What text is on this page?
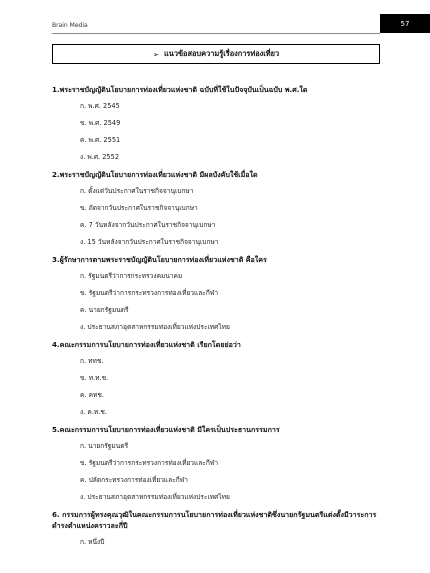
Brain Media	57
➢ แนวข้อสอบความรู้เรื่องการท่องเที่ยว
1.พระราชบัญญัตินโยบายการท่องเที่ยวแห่งชาติ ฉบับที่ใช้ในปัจจุบันเป็นฉบับ พ.ศ.ใด
ก. พ.ศ. 2545
ข. พ.ศ. 2549
ค. พ.ศ. 2551
ง. พ.ศ. 2552
2.พระราชบัญญัตินโยบายการท่องเที่ยวแห่งชาติ มีผลบังคับใช้เมื่อใด
ก. ตั้งแต่วันประกาศในราชกิจจานุเบกษา
ข. ถัดจากวันประกาศในราชกิจจานุเบกษา
ค. 7 วันหลังจากวันประกาศในราชกิจจานุเบกษา
ง. 15 วันหลังจากวันประกาศในราชกิจจานุเบกษา
3.ผู้รักษาการตามพระราชบัญญัตินโยบายการท่องเที่ยวแห่งชาติ คือใคร
ก. รัฐมนตรีว่าการกระทรวงคมนาคม
ข. รัฐมนตรีว่าการกระทรวงการท่องเที่ยวและกีฬา
ค. นายกรัฐมนตรี
ง. ประธานสภาอุตสาหกรรมท่องเที่ยวแห่งประเทศไทย
4.คณะกรรมการนโยบายการท่องเที่ยวแห่งชาติ เรียกโดยย่อว่า
ก. ททช.
ข. ท.ท.ช.
ค. คทช.
ง. ค.ท.ช.
5.คณะกรรมการนโยบายการท่องเที่ยวแห่งชาติ มีใครเป็นประธานกรรมการ
ก. นายกรัฐมนตรี
ข. รัฐมนตรีว่าการกระทรวงการท่องเที่ยวและกีฬา
ค. ปลัดกระทรวงการท่องเที่ยวและกีฬา
ง. ประธานสภาอุตสาหกรรมท่องเที่ยวแห่งประเทศไทย
6. กรรมการผู้ทรงคุณวุฒิในคณะกรรมการนโยบายการท่องเที่ยวแห่งชาติซึ่งนายกรัฐมนตรีแต่งตั้งมีวาระการดำรงตำแหน่งคราวละกี่ปี
ก. หนึ่งปี
